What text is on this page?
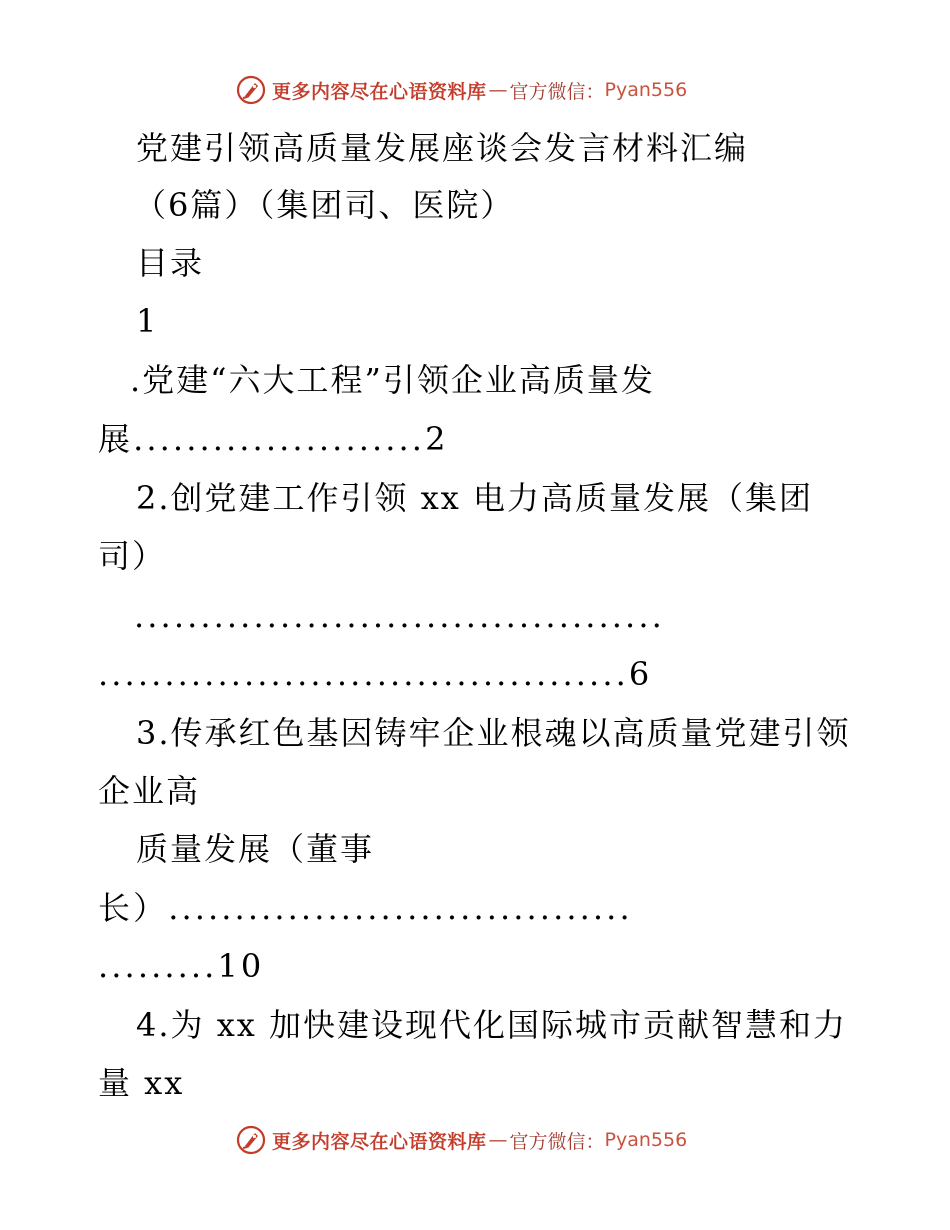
更多内容尽在心语资料库 — 官方微信： Pyan556
党建引领高质量发展座谈会发言材料汇编
（6篇）（集团司、医院）
目录
1
.党建“六大工程”引领企业高质量发
展......................2
2.创党建工作引领 xx 电力高质量发展（集团
司）
........................................
........................................6
3.传承红色基因铸牢企业根魂以高质量党建引领
企业高
质量发展（董事
长）...................................
.........10
4.为 xx 加快建设现代化国际城市贡献智慧和力
量 xx
更多内容尽在心语资料库 — 官方微信： Pyan556
